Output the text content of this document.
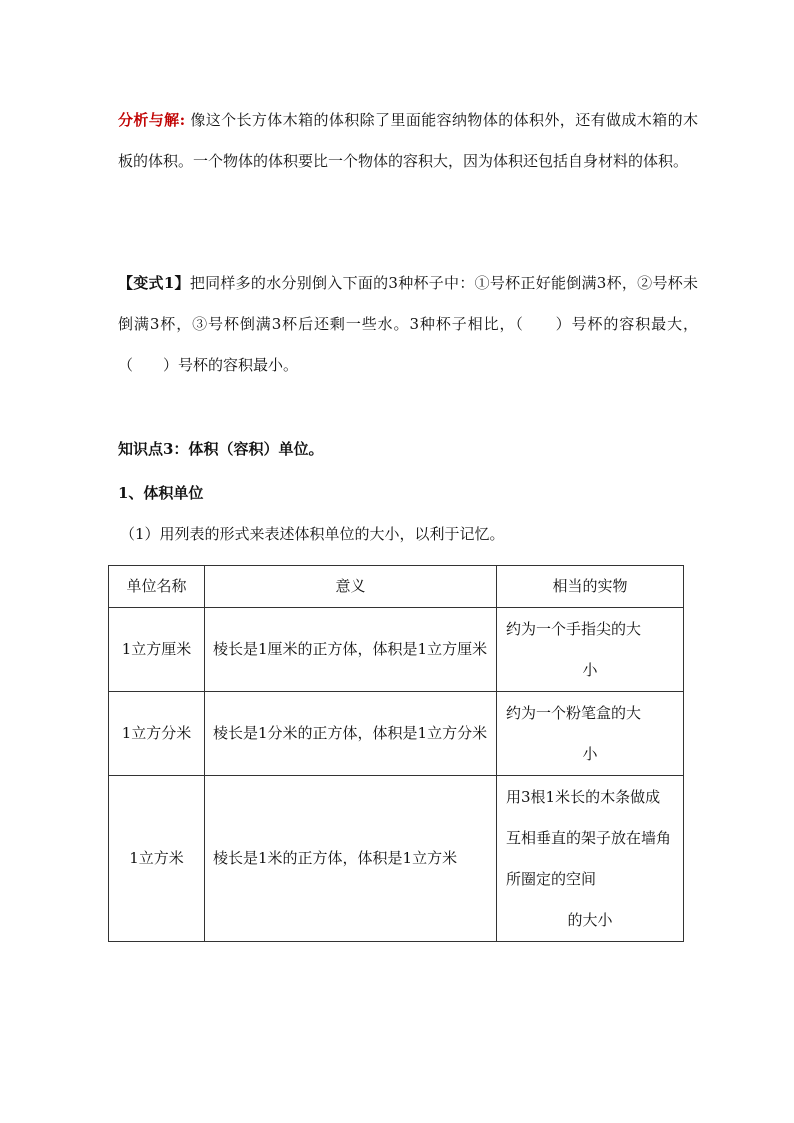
分析与解: 像这个长方体木箱的体积除了里面能容纳物体的体积外，还有做成木箱的木板的体积。一个物体的体积要比一个物体的容积大，因为体积还包括自身材料的体积。

【变式1】把同样多的水分别倒入下面的3种杯子中：①号杯正好能倒满3杯，②号杯未倒满3杯，③号杯倒满3杯后还剩一些水。3种杯子相比，（　　）号杯的容积最大，（　　）号杯的容积最小。

知识点3：体积（容积）单位。

1、体积单位

（1）用列表的形式来表述体积单位的大小，以利于记忆。

单位名称	意义	相当的实物
1立方厘米	棱长是1厘米的正方体，体积是1立方厘米	约为一个手指尖的大
小

1立方分米	棱长是1分米的正方体，体积是1立方分米	约为一个粉笔盒的大
小

1立方米	棱长是1米的正方体，体积是1立方米	用3根1米长的木条做成互相垂直的架子放在墙角所圈定的空间
的大小
